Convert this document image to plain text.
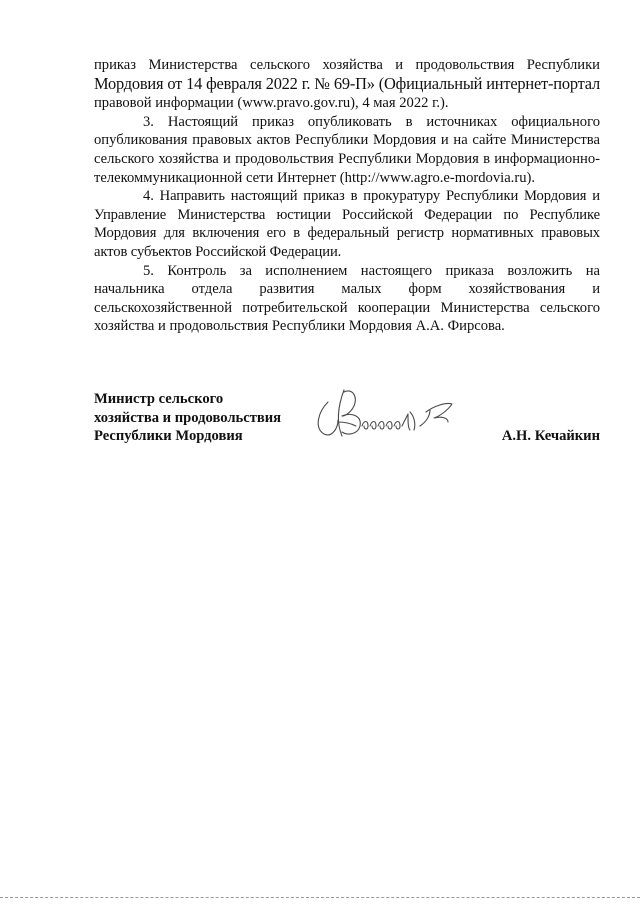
приказ Министерства сельского хозяйства и продовольствия Республики Мордовия от 14 февраля 2022 г. № 69-П» (Официальный интернет-портал правовой информации (www.pravo.gov.ru), 4 мая 2022 г.).

3. Настоящий приказ опубликовать в источниках официального опубликования правовых актов Республики Мордовия и на сайте Министерства сельского хозяйства и продовольствия Республики Мордовия в информационно-телекоммуникационной сети Интернет (http://www.agro.e-mordovia.ru).

4. Направить настоящий приказ в прокуратуру Республики Мордовия и Управление Министерства юстиции Российской Федерации по Республике Мордовия для включения его в федеральный регистр нормативных правовых актов субъектов Российской Федерации.

5. Контроль за исполнением настоящего приказа возложить на начальника отдела развития малых форм хозяйствования и сельскохозяйственной потребительской кооперации Министерства сельского хозяйства и продовольствия Республики Мордовия А.А. Фирсова.

Министр сельского
хозяйства и продовольствия
Республики Мордовия	А.Н. Кечайкин
